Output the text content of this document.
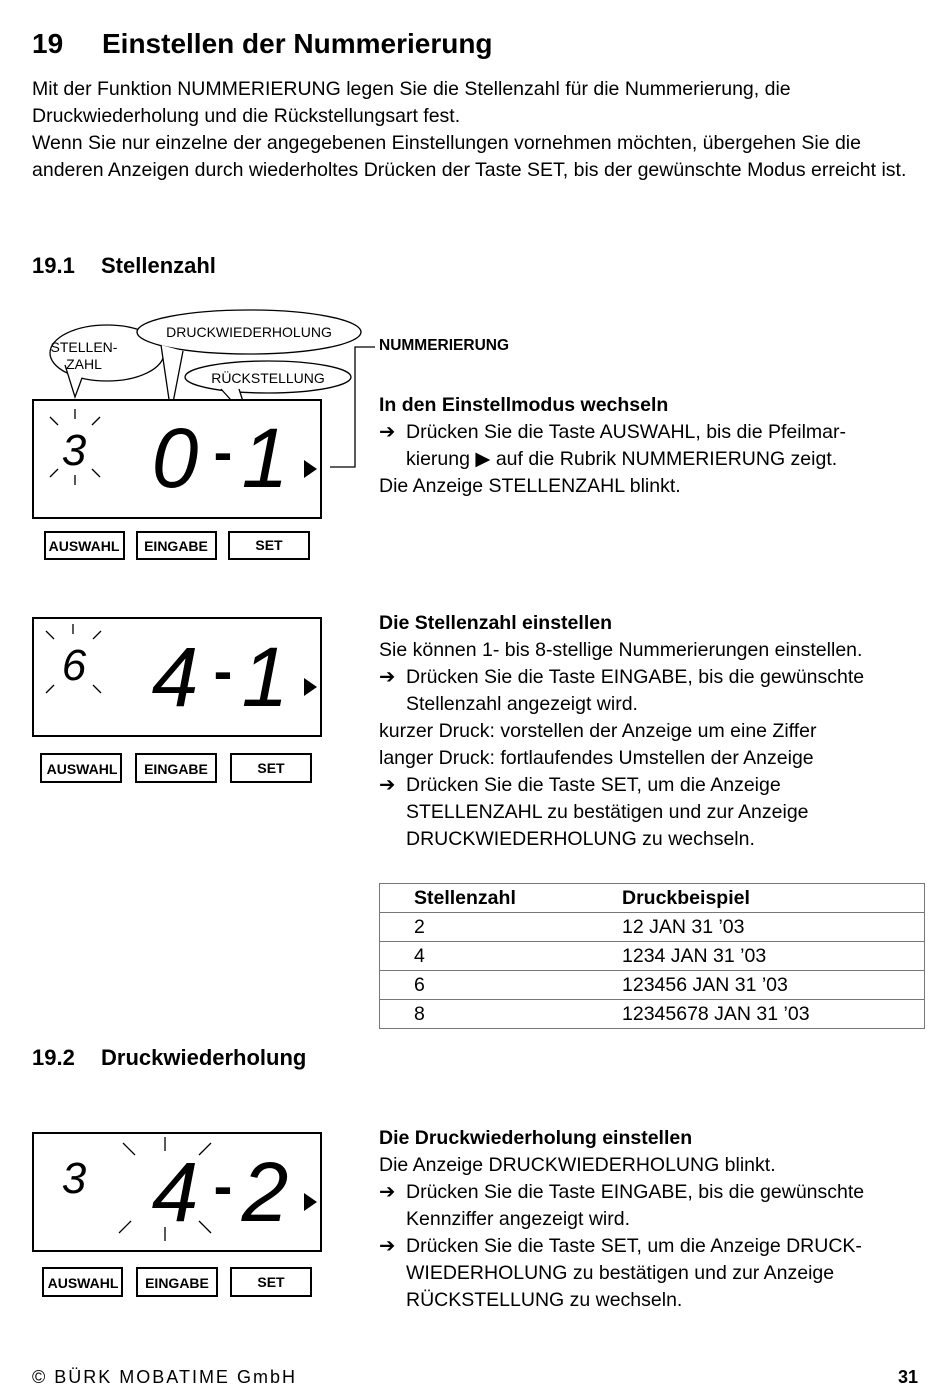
19 Einstellen der Nummerierung

Mit der Funktion NUMMERIERUNG legen Sie die Stellenzahl für die Nummerierung, die Druckwiederholung und die Rückstellungsart fest.

Wenn Sie nur einzelne der angegebenen Einstellungen vornehmen möchten, übergehen Sie die anderen Anzeigen durch wiederholtes Drücken der Taste SET, bis der gewünschte Modus erreicht ist.

19.1 Stellenzahl
STELLEN-
ZAHL
DRUCKWIEDERHOLUNG
RÜCKSTELLUNG
3 0 - 1
AUSWAHL EINGABE	SET

NUMMERIERUNG

In den Einstellmodus wechseln

➔ Drücken Sie die Taste AUSWAHL, bis die Pfeilmar-

kierung ▶ auf die Rubrik NUMMERIERUNG zeigt.

Die Anzeige STELLENZAHL blinkt.

6 4 - 1
AUSWAHL EINGABE	SET

Die Stellenzahl einstellen

Sie können 1- bis 8-stellige Nummerierungen einstellen.

➔ Drücken Sie die Taste EINGABE, bis die gewünschte

Stellenzahl angezeigt wird.

kurzer Druck: vorstellen der Anzeige um eine Ziffer

langer Druck: fortlaufendes Umstellen der Anzeige

➔ Drücken Sie die Taste SET, um die Anzeige

STELLENZAHL zu bestätigen und zur Anzeige

DRUCKWIEDERHOLUNG zu wechseln.

Stellenzahl	Druckbeispiel
2	12 JAN 31 ’03
4	1234 JAN 31 ’03
6	123456 JAN 31 ’03
8	12345678 JAN 31 ’03
19.2 Druckwiederholung
3 4 - 2
AUSWAHL EINGABE	SET

Die Druckwiederholung einstellen

Die Anzeige DRUCKWIEDERHOLUNG blinkt.

➔ Drücken Sie die Taste EINGABE, bis die gewünschte

Kennziffer angezeigt wird.

➔ Drücken Sie die Taste SET, um die Anzeige DRUCK-

WIEDERHOLUNG zu bestätigen und zur Anzeige

RÜCKSTELLUNG zu wechseln.

© BÜRK MOBATIME GmbH	31
